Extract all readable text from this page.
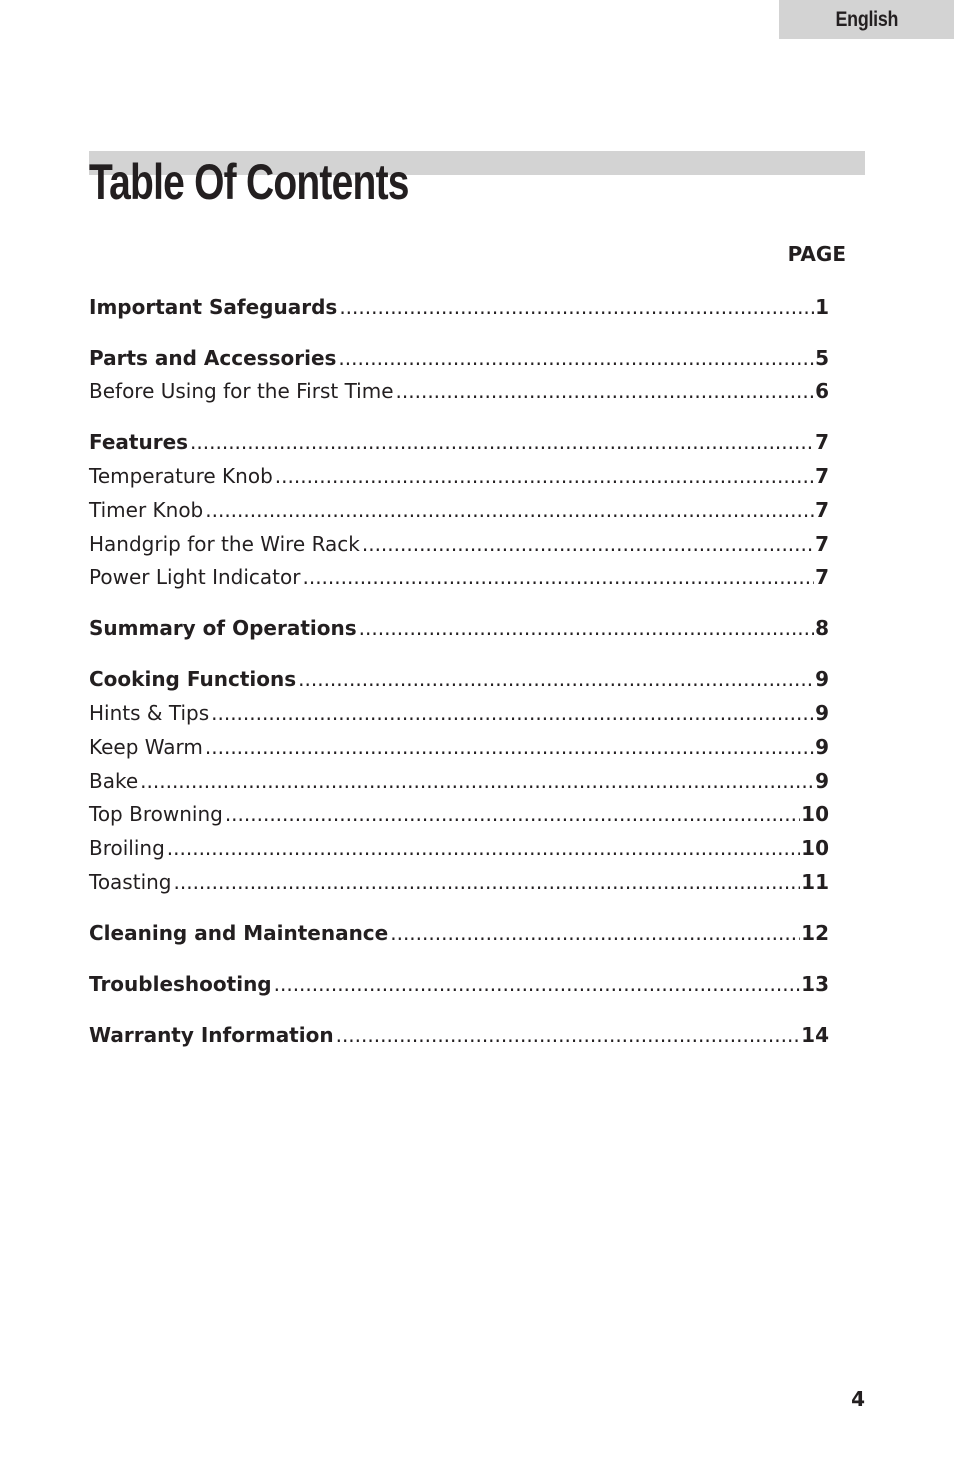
English
Table Of Contents
PAGE
Important Safeguards .....	1
Parts and Accessories .....	5
Before Using for the First Time .....	6
Features .....	7
Temperature Knob .....	7
Timer Knob .....	7
Handgrip for the Wire Rack .....	7
Power Light Indicator .....	7
Summary of Operations .....	8
Cooking Functions .....	9
Hints & Tips .....	9
Keep Warm .....	9
Bake .....	9
Top Browning .....	10
Broiling .....	10
Toasting .....	11
Cleaning and Maintenance .....	12
Troubleshooting .....	13
Warranty Information .....	14
4
